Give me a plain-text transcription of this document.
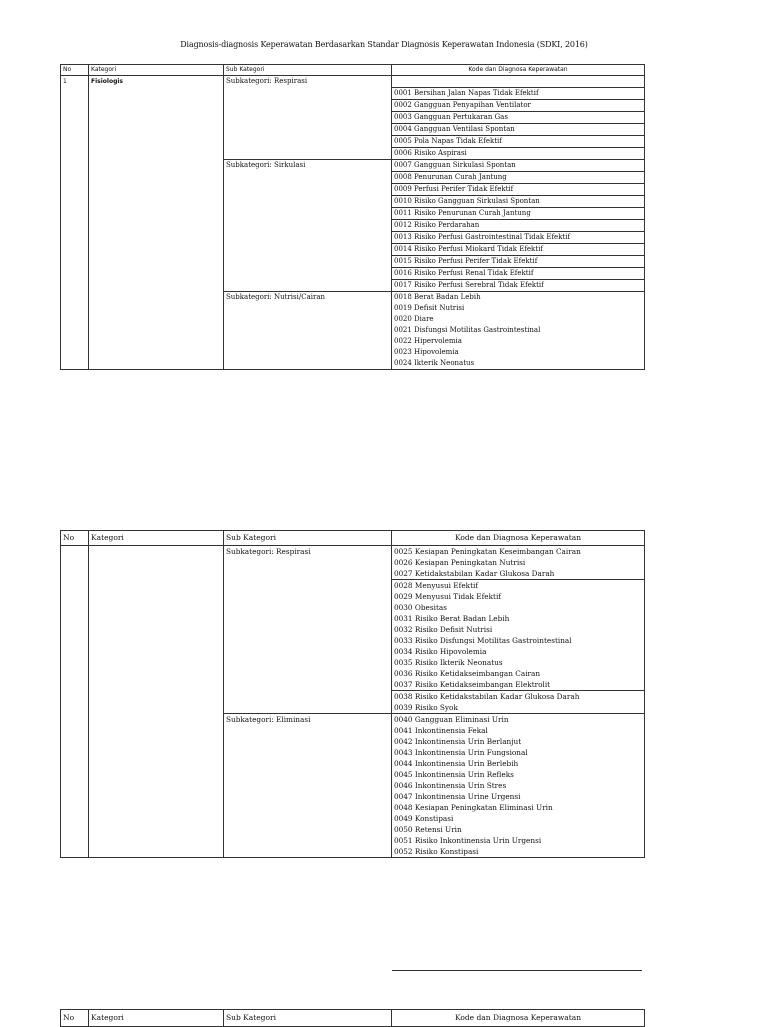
Diagnosis-diagnosis Keperawatan Berdasarkan Standar Diagnosis Keperawatan Indonesia (SDKI, 2016)
No	Kategori	Sub Kategori	Kode dan Diagnosa Keperawatan
1	Fisiologis	Subkategori: Respirasi	
			0001 Bersihan Jalan Napas Tidak Efektif
			0002 Gangguan Penyapihan Ventilator
			0003 Gangguan Pertukaran Gas
			0004 Gangguan Ventilasi Spontan
			0005 Pola Napas Tidak Efektif
			0006 Risiko Aspirasi
		Subkategori: Sirkulasi	0007 Gangguan Sirkulasi Spontan
			0008 Penurunan Curah Jantung
			0009 Perfusi Perifer Tidak Efektif
			0010 Risiko Gangguan Sirkulasi Spontan
			0011 Risiko Penurunan Curah Jantung
			0012 Risiko Perdarahan
			0013 Risiko Perfusi Gastrointestinal Tidak Efektif
			0014 Risiko Perfusi Miokard Tidak Efektif
			0015 Risiko Perfusi Perifer Tidak Efektif
			0016 Risiko Perfusi Renal Tidak Efektif
			0017 Risiko Perfusi Serebral Tidak Efektif
		Subkategori: Nutrisi/Cairan	0018 Berat Badan Lebih
			0019 Defisit Nutrisi
			0020 Diare
			0021 Disfungsi Motilitas Gastrointestinal
			0022 Hipervolemia
			0023 Hipovolemia
			0024 Ikterik Neonatus
No	Kategori	Sub Kategori	Kode dan Diagnosa Keperawatan
		Subkategori: Respirasi	0025 Kesiapan Peningkatan Keseimbangan Cairan
			0026 Kesiapan Peningkatan Nutrisi
			0027 Ketidakstabilan Kadar Glukosa Darah
			0028 Menyusui Efektif
			0029 Menyusui Tidak Efektif
			0030 Obesitas
			0031 Risiko Berat Badan Lebih
			0032 Risiko Defisit Nutrisi
			0033 Risiko Disfungsi Motilitas Gastrointestinal
			0034 Risiko Hipovolemia
			0035 Risiko Ikterik Neonatus
			0036 Risiko Ketidakseimbangan Cairan
			0037 Risiko Ketidakseimbangan Elektrolit
			0038 Risiko Ketidakstabilan Kadar Glukosa Darah
			0039 Risiko Syok
		Subkategori: Eliminasi	0040 Gangguan Eliminasi Urin
			0041 Inkontinensia Fekal
			0042 Inkontinensia Urin Berlanjut
			0043 Inkontinensia Urin Fungsional
			0044 Inkontinensia Urin Berlebih
			0045 Inkontinensia Urin Refleks
			0046 Inkontinensia Urin Stres
			0047 Inkontinensia Urine Urgensi
			0048 Kesiapan Peningkatan Eliminasi Urin
			0049 Konstipasi
			0050 Retensi Urin
			0051 Risiko Inkontinensia Urin Urgensi
			0052 Risiko Konstipasi
No	Kategori	Sub Kategori	Kode dan Diagnosa Keperawatan
